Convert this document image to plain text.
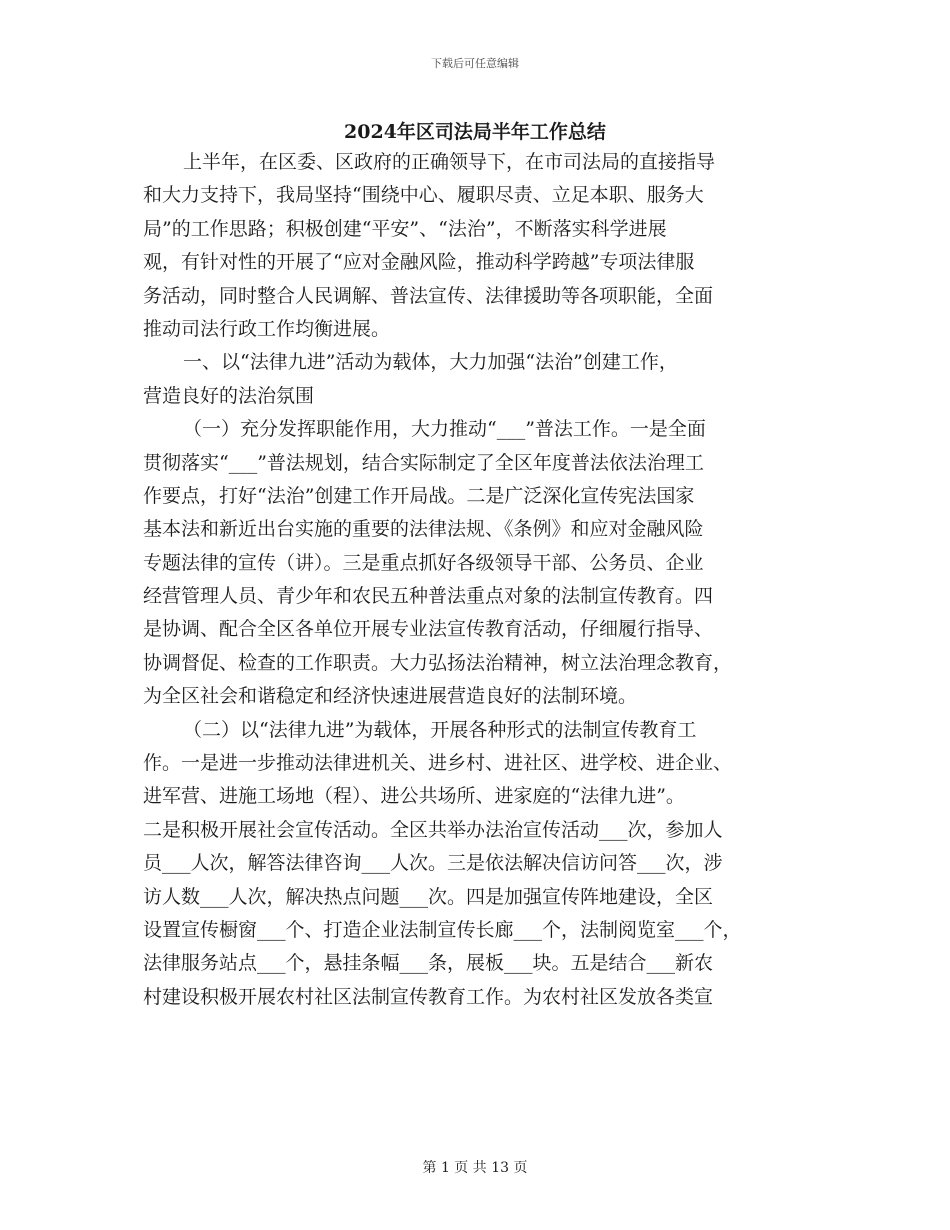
下载后可任意编辑
2024年区司法局半年工作总结
上半年，在区委、区政府的正确领导下，在市司法局的直接指导
和大力支持下，我局坚持“围绕中心、履职尽责、立足本职、服务大
局”的工作思路；积极创建“平安”、“法治”，不断落实科学进展
观，有针对性的开展了“应对金融风险，推动科学跨越”专项法律服
务活动，同时整合人民调解、普法宣传、法律援助等各项职能，全面
推动司法行政工作均衡进展。
一、以“法律九进”活动为载体，大力加强“法治”创建工作，
营造良好的法治氛围
（一）充分发挥职能作用，大力推动“___”普法工作。一是全面
贯彻落实“___”普法规划，结合实际制定了全区年度普法依法治理工
作要点，打好“法治”创建工作开局战。二是广泛深化宣传宪法国家
基本法和新近出台实施的重要的法律法规、《条例》和应对金融风险
专题法律的宣传（讲）。三是重点抓好各级领导干部、公务员、企业
经营管理人员、青少年和农民五种普法重点对象的法制宣传教育。四
是协调、配合全区各单位开展专业法宣传教育活动，仔细履行指导、
协调督促、检查的工作职责。大力弘扬法治精神，树立法治理念教育，
为全区社会和谐稳定和经济快速进展营造良好的法制环境。
（二）以“法律九进”为载体，开展各种形式的法制宣传教育工
作。一是进一步推动法律进机关、进乡村、进社区、进学校、进企业、
进军营、进施工场地（程）、进公共场所、进家庭的“法律九进”。
二是积极开展社会宣传活动。全区共举办法治宣传活动___次，参加人
员___人次，解答法律咨询___人次。三是依法解决信访问答___次，涉
访人数___人次，解决热点问题___次。四是加强宣传阵地建设，全区
设置宣传橱窗___个、打造企业法制宣传长廊___个，法制阅览室___个，
法律服务站点___个，悬挂条幅___条，展板___块。五是结合___新农
村建设积极开展农村社区法制宣传教育工作。为农村社区发放各类宣
第 1 页 共 13 页
